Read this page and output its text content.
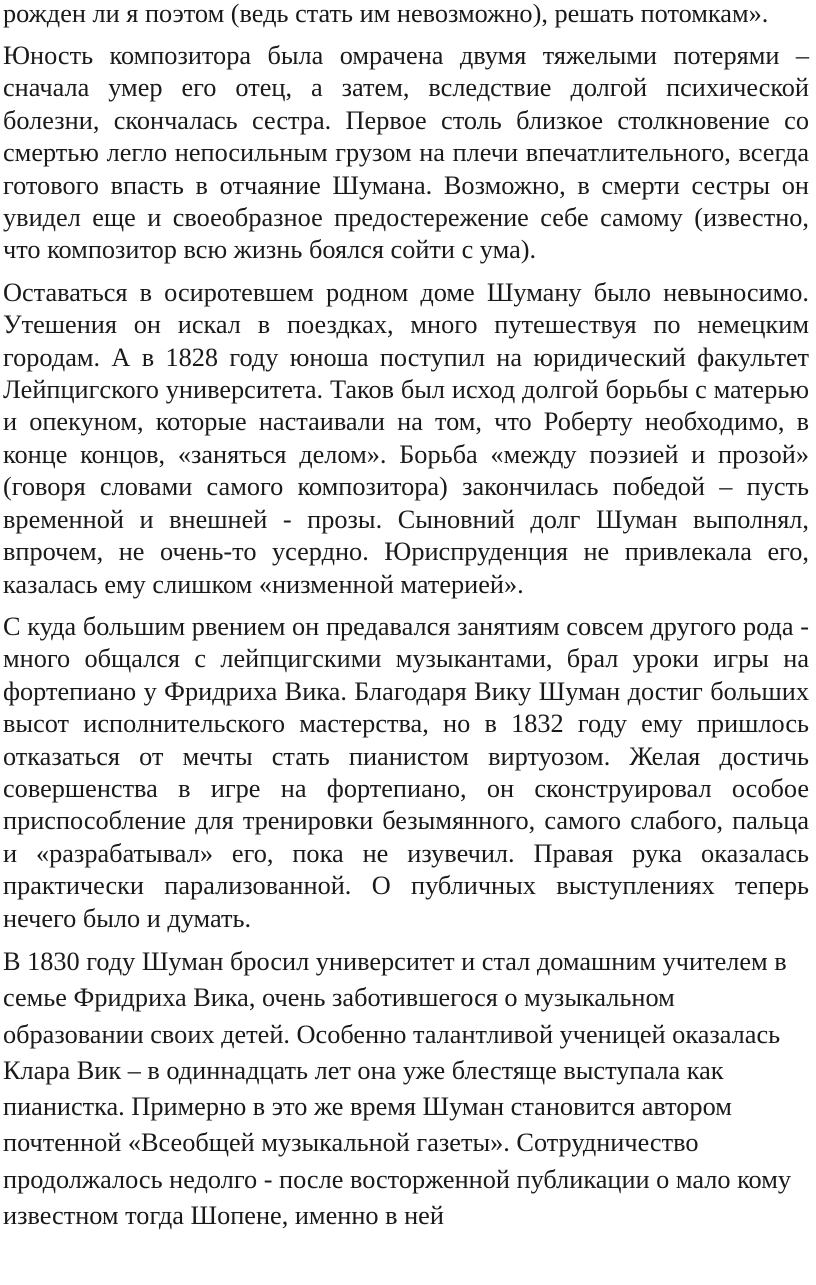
рожден ли я поэтом (ведь стать им невозможно), решать потомкам».

Юность композитора была омрачена двумя тяжелыми потерями – сначала умер его отец, а затем, вследствие долгой психической болезни, скончалась сестра. Первое столь близкое столкновение со смертью легло непосильным грузом на плечи впечатлительного, всегда готового впасть в отчаяние Шумана. Возможно, в смерти сестры он увидел еще и своеобразное предостережение себе самому (известно, что композитор всю жизнь боялся сойти с ума).

Оставаться в осиротевшем родном доме Шуману было невыносимо. Утешения он искал в поездках, много путешествуя по немецким городам. А в 1828 году юноша поступил на юридический факультет Лейпцигского университета. Таков был исход долгой борьбы с матерью и опекуном, которые настаивали на том, что Роберту необходимо, в конце концов, «заняться делом». Борьба «между поэзией и прозой» (говоря словами самого композитора) закончилась победой – пусть временной и внешней - прозы. Сыновний долг Шуман выполнял, впрочем, не очень-то усердно. Юриспруденция не привлекала его, казалась ему слишком «низменной материей».

С куда большим рвением он предавался занятиям совсем другого рода - много общался с лейпцигскими музыкантами, брал уроки игры на фортепиано у Фридриха Вика. Благодаря Вику Шуман достиг больших высот исполнительского мастерства, но в 1832 году ему пришлось отказаться от мечты стать пианистом виртуозом. Желая достичь совершенства в игре на фортепиано, он сконструировал особое приспособление для тренировки безымянного, самого слабого, пальца и «разрабатывал» его, пока не изувечил. Правая рука оказалась практически парализованной. О публичных выступлениях теперь нечего было и думать.

В 1830 году Шуман бросил университет и стал домашним учителем в семье Фридриха Вика, очень заботившегося о музыкальном образовании своих детей. Особенно талантливой ученицей оказалась Клара Вик – в одиннадцать лет она уже блестяще выступала как пианистка. Примерно в это же время Шуман становится автором почтенной «Всеобщей музыкальной газеты». Сотрудничество продолжалось недолго - после восторженной публикации о мало кому известном тогда Шопене, именно в ней
